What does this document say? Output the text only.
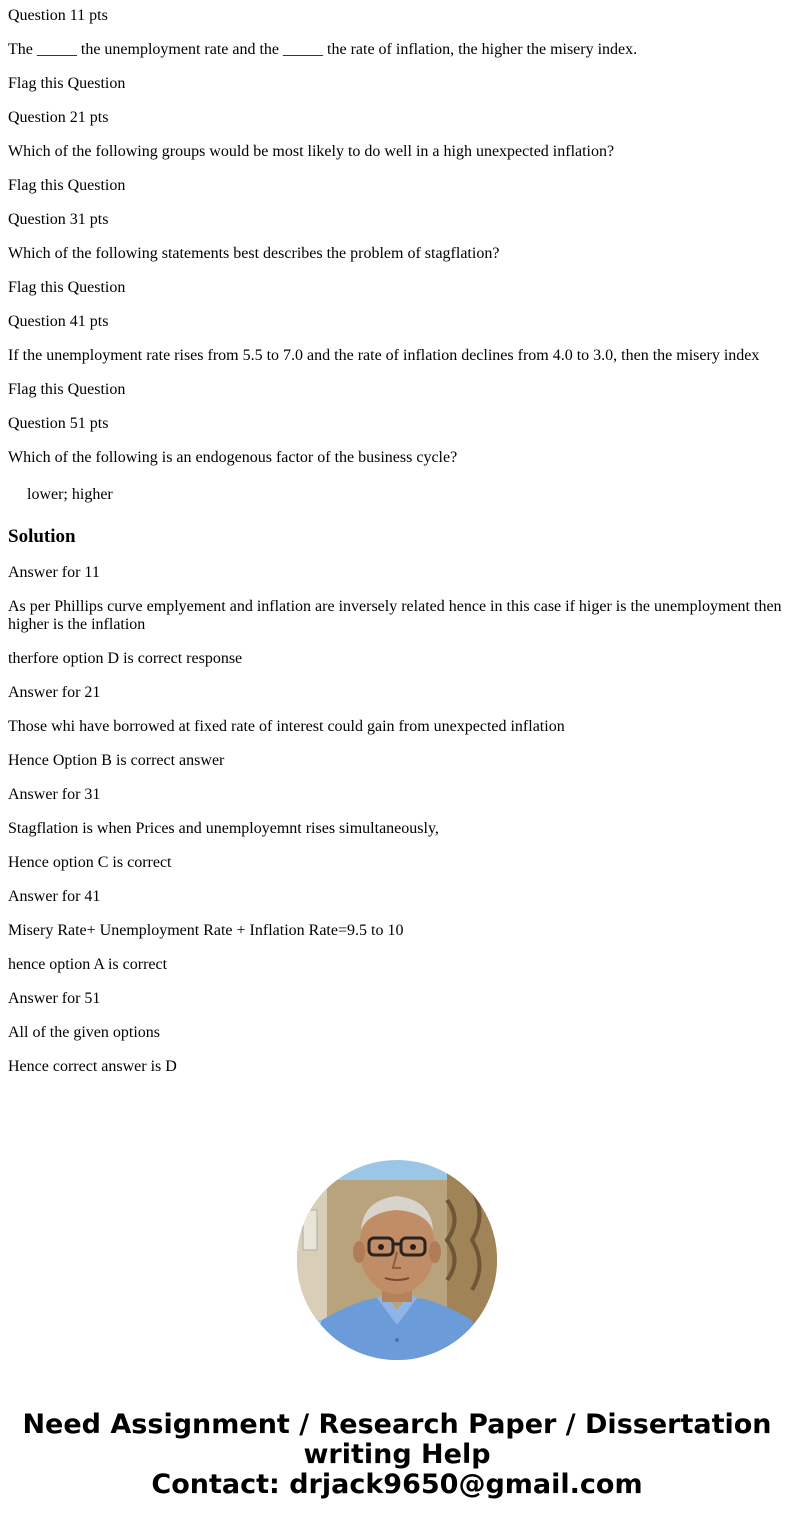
Question 11 pts

The _____ the unemployment rate and the _____ the rate of inflation, the higher the misery index.

Flag this Question

Question 21 pts

Which of the following groups would be most likely to do well in a high unexpected inflation?

Flag this Question

Question 31 pts

Which of the following statements best describes the problem of stagflation?

Flag this Question

Question 41 pts

If the unemployment rate rises from 5.5 to 7.0 and the rate of inflation declines from 4.0 to 3.0, then the misery index

Flag this Question

Question 51 pts

Which of the following is an endogenous factor of the business cycle?

lower; higher

Solution

Answer for 11

As per Phillips curve emplyement and inflation are inversely related hence in this case if higer is the unemployment then higher is the inflation

therfore option D is correct response

Answer for 21

Those whi have borrowed at fixed rate of interest could gain from unexpected inflation

Hence Option B is correct answer

Answer for 31

Stagflation is when Prices and unemployemnt rises simultaneously,

Hence option C is correct

Answer for 41

Misery Rate+ Unemployment Rate + Inflation Rate=9.5 to 10

hence option A is correct

Answer for 51

All of the given options

Hence correct answer is D

Need Assignment / Research Paper / Dissertation
writing Help
Contact: drjack9650@gmail.com
